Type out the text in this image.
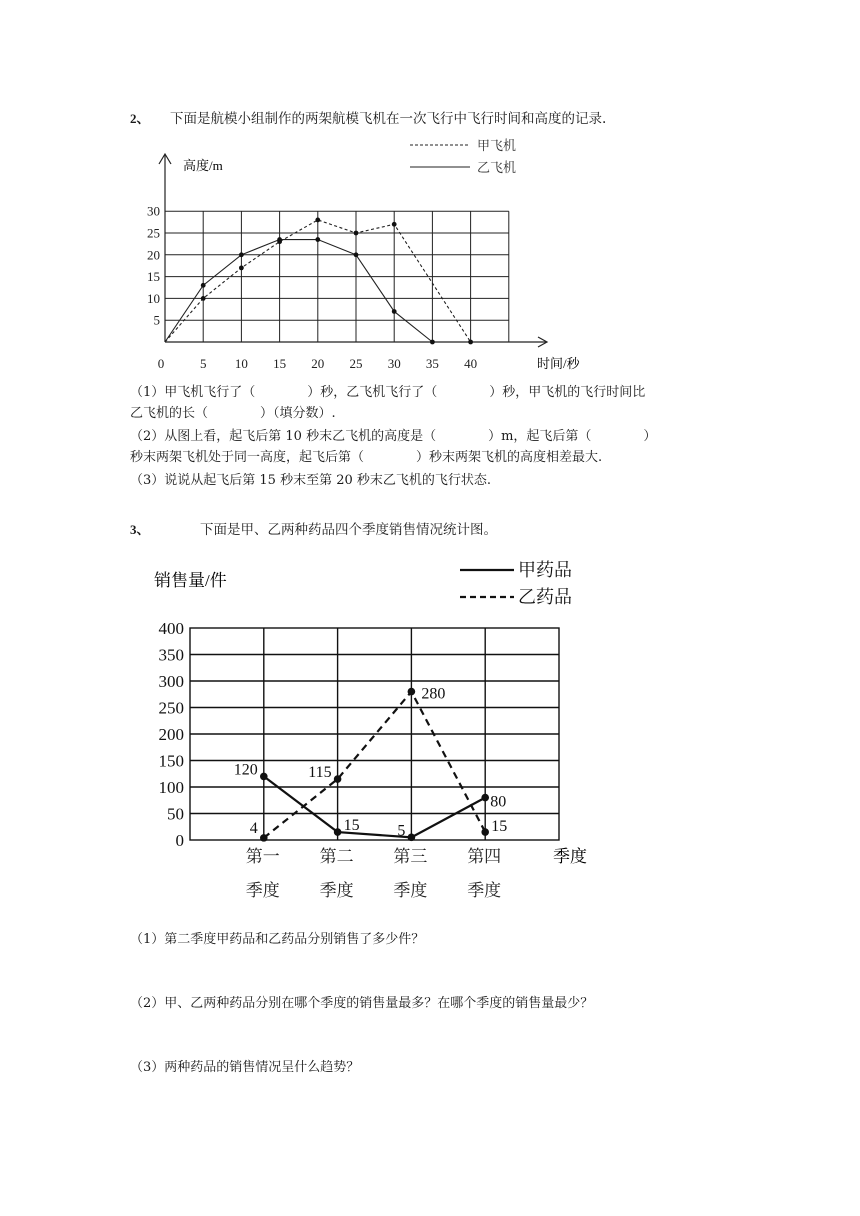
2、 下面是航模小组制作的两架航模飞机在一次飞行中飞行时间和高度的记录.
0	5 10 15 20 25 30 35 40
5
10
15
20
25
30
甲飞机
乙飞机
高度/m
时间/秒
（1）甲飞机飞行了（　　　　）秒，乙飞机飞行了（　　　　）秒，甲飞机的飞行时间比
乙飞机的长（　　　　）（填分数）.
（2）从图上看，起飞后第 10 秒末乙飞机的高度是（　　　　）m，起飞后第（　　　　）
秒末两架飞机处于同一高度，起飞后第（　　　　）秒末两架飞机的高度相差最大.
（3）说说从起飞后第 15 秒末至第 20 秒末乙飞机的飞行状态.
3、	下面是甲、乙两种药品四个季度销售情况统计图。
0
50
100
150
200
250
300
350
400
第一 第二 第三 第四
季度 季度 季度 季度
120
15 5
80
4
115
280
15
甲药品
乙药品
销售量/件
季度
（1）第二季度甲药品和乙药品分别销售了多少件？
（2）甲、乙两种药品分别在哪个季度的销售量最多？在哪个季度的销售量最少？
（3）两种药品的销售情况呈什么趋势？
